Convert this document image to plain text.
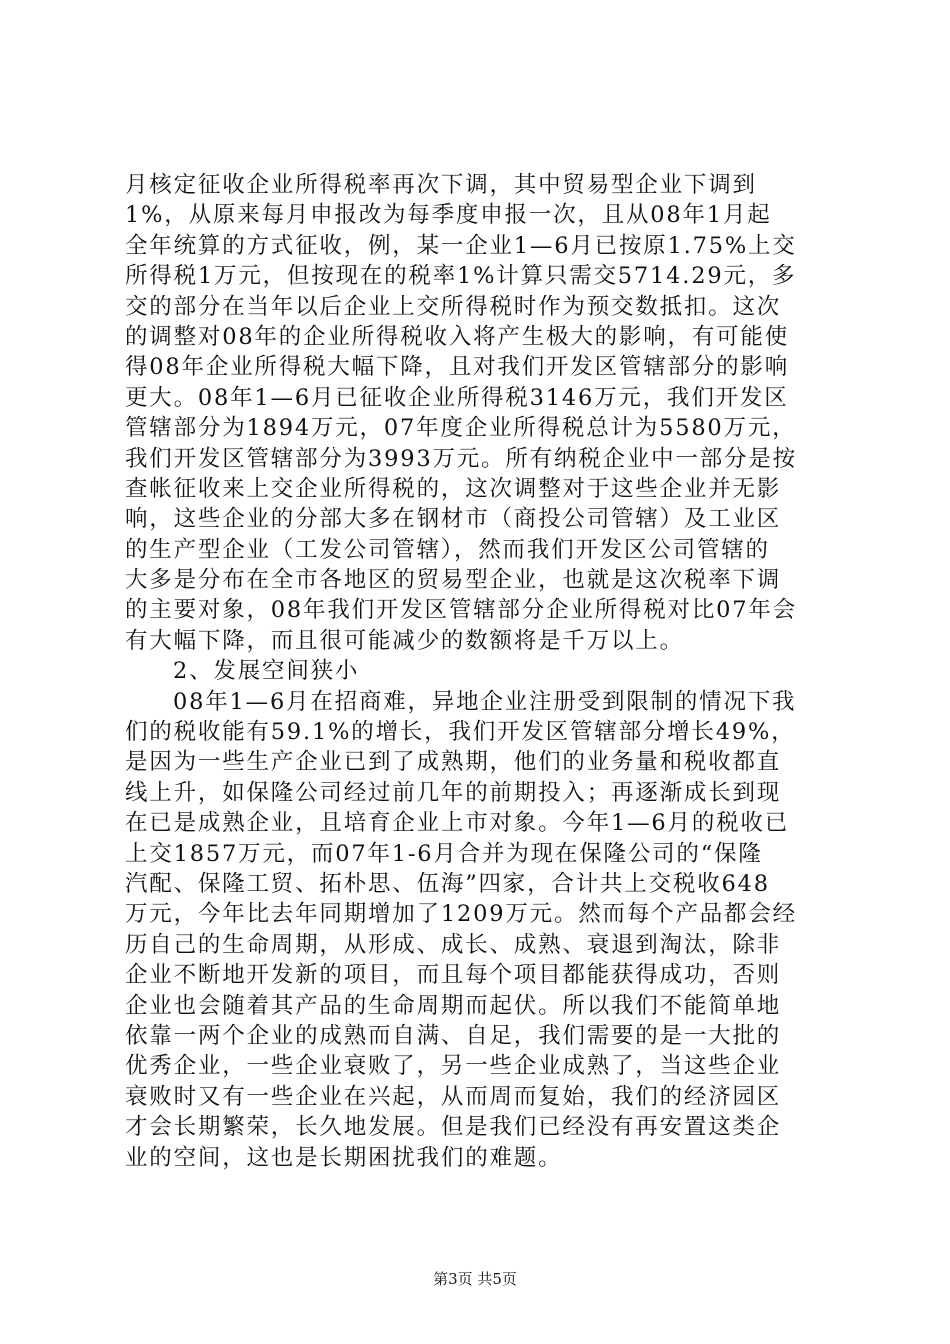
月核定征收企业所得税率再次下调，其中贸易型企业下调到
1%，从原来每月申报改为每季度申报一次，且从08年1月起
全年统算的方式征收，例，某一企业1—6月已按原1.75%上交
所得税1万元，但按现在的税率1%计算只需交5714.29元，多
交的部分在当年以后企业上交所得税时作为预交数抵扣。这次
的调整对08年的企业所得税收入将产生极大的影响，有可能使
得08年企业所得税大幅下降，且对我们开发区管辖部分的影响
更大。08年1—6月已征收企业所得税3146万元，我们开发区
管辖部分为1894万元，07年度企业所得税总计为5580万元，
我们开发区管辖部分为3993万元。所有纳税企业中一部分是按
查帐征收来上交企业所得税的，这次调整对于这些企业并无影
响，这些企业的分部大多在钢材市（商投公司管辖）及工业区
的生产型企业（工发公司管辖），然而我们开发区公司管辖的
大多是分布在全市各地区的贸易型企业，也就是这次税率下调
的主要对象，08年我们开发区管辖部分企业所得税对比07年会
有大幅下降，而且很可能减少的数额将是千万以上。
2、发展空间狭小
08年1—6月在招商难，异地企业注册受到限制的情况下我
们的税收能有59.1%的增长，我们开发区管辖部分增长49%，
是因为一些生产企业已到了成熟期，他们的业务量和税收都直
线上升，如保隆公司经过前几年的前期投入；再逐渐成长到现
在已是成熟企业，且培育企业上市对象。今年1—6月的税收已
上交1857万元，而07年1-6月合并为现在保隆公司的“保隆
汽配、保隆工贸、拓朴思、伍海”四家，合计共上交税收648
万元，今年比去年同期增加了1209万元。然而每个产品都会经
历自己的生命周期，从形成、成长、成熟、衰退到淘汰，除非
企业不断地开发新的项目，而且每个项目都能获得成功，否则
企业也会随着其产品的生命周期而起伏。所以我们不能简单地
依靠一两个企业的成熟而自满、自足，我们需要的是一大批的
优秀企业，一些企业衰败了，另一些企业成熟了，当这些企业
衰败时又有一些企业在兴起，从而周而复始，我们的经济园区
才会长期繁荣，长久地发展。但是我们已经没有再安置这类企
业的空间，这也是长期困扰我们的难题。
第3页 共5页
